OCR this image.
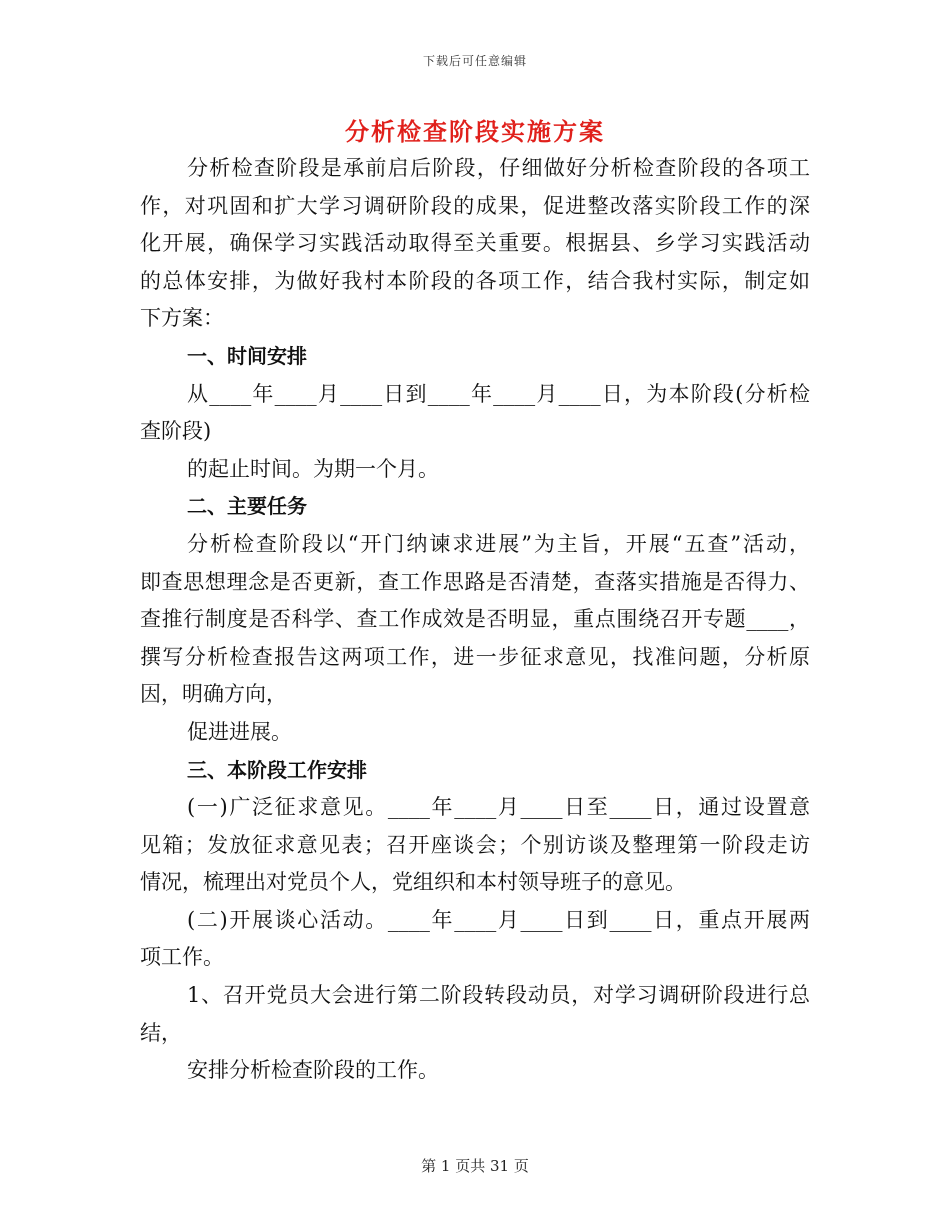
下载后可任意编辑
分析检查阶段实施方案
分析检查阶段是承前启后阶段，仔细做好分析检查阶段的各项工
作，对巩固和扩大学习调研阶段的成果，促进整改落实阶段工作的深
化开展，确保学习实践活动取得至关重要。根据县、乡学习实践活动
的总体安排，为做好我村本阶段的各项工作，结合我村实际，制定如
下方案：
一、时间安排
从____年____月____日到____年____月____日，为本阶段(分析检
查阶段)
的起止时间。为期一个月。
二、主要任务
分析检查阶段以“开门纳谏求进展”为主旨，开展“五查”活动，
即查思想理念是否更新，查工作思路是否清楚，查落实措施是否得力、
查推行制度是否科学、查工作成效是否明显，重点围绕召开专题____，
撰写分析检查报告这两项工作，进一步征求意见，找准问题，分析原
因，明确方向，
促进进展。
三、本阶段工作安排
(一)广泛征求意见。____年____月____日至____日，通过设置意
见箱；发放征求意见表；召开座谈会；个别访谈及整理第一阶段走访
情况，梳理出对党员个人，党组织和本村领导班子的意见。
(二)开展谈心活动。____年____月____日到____日，重点开展两
项工作。
1、召开党员大会进行第二阶段转段动员，对学习调研阶段进行总
结，
安排分析检查阶段的工作。
第 1 页共 31 页
